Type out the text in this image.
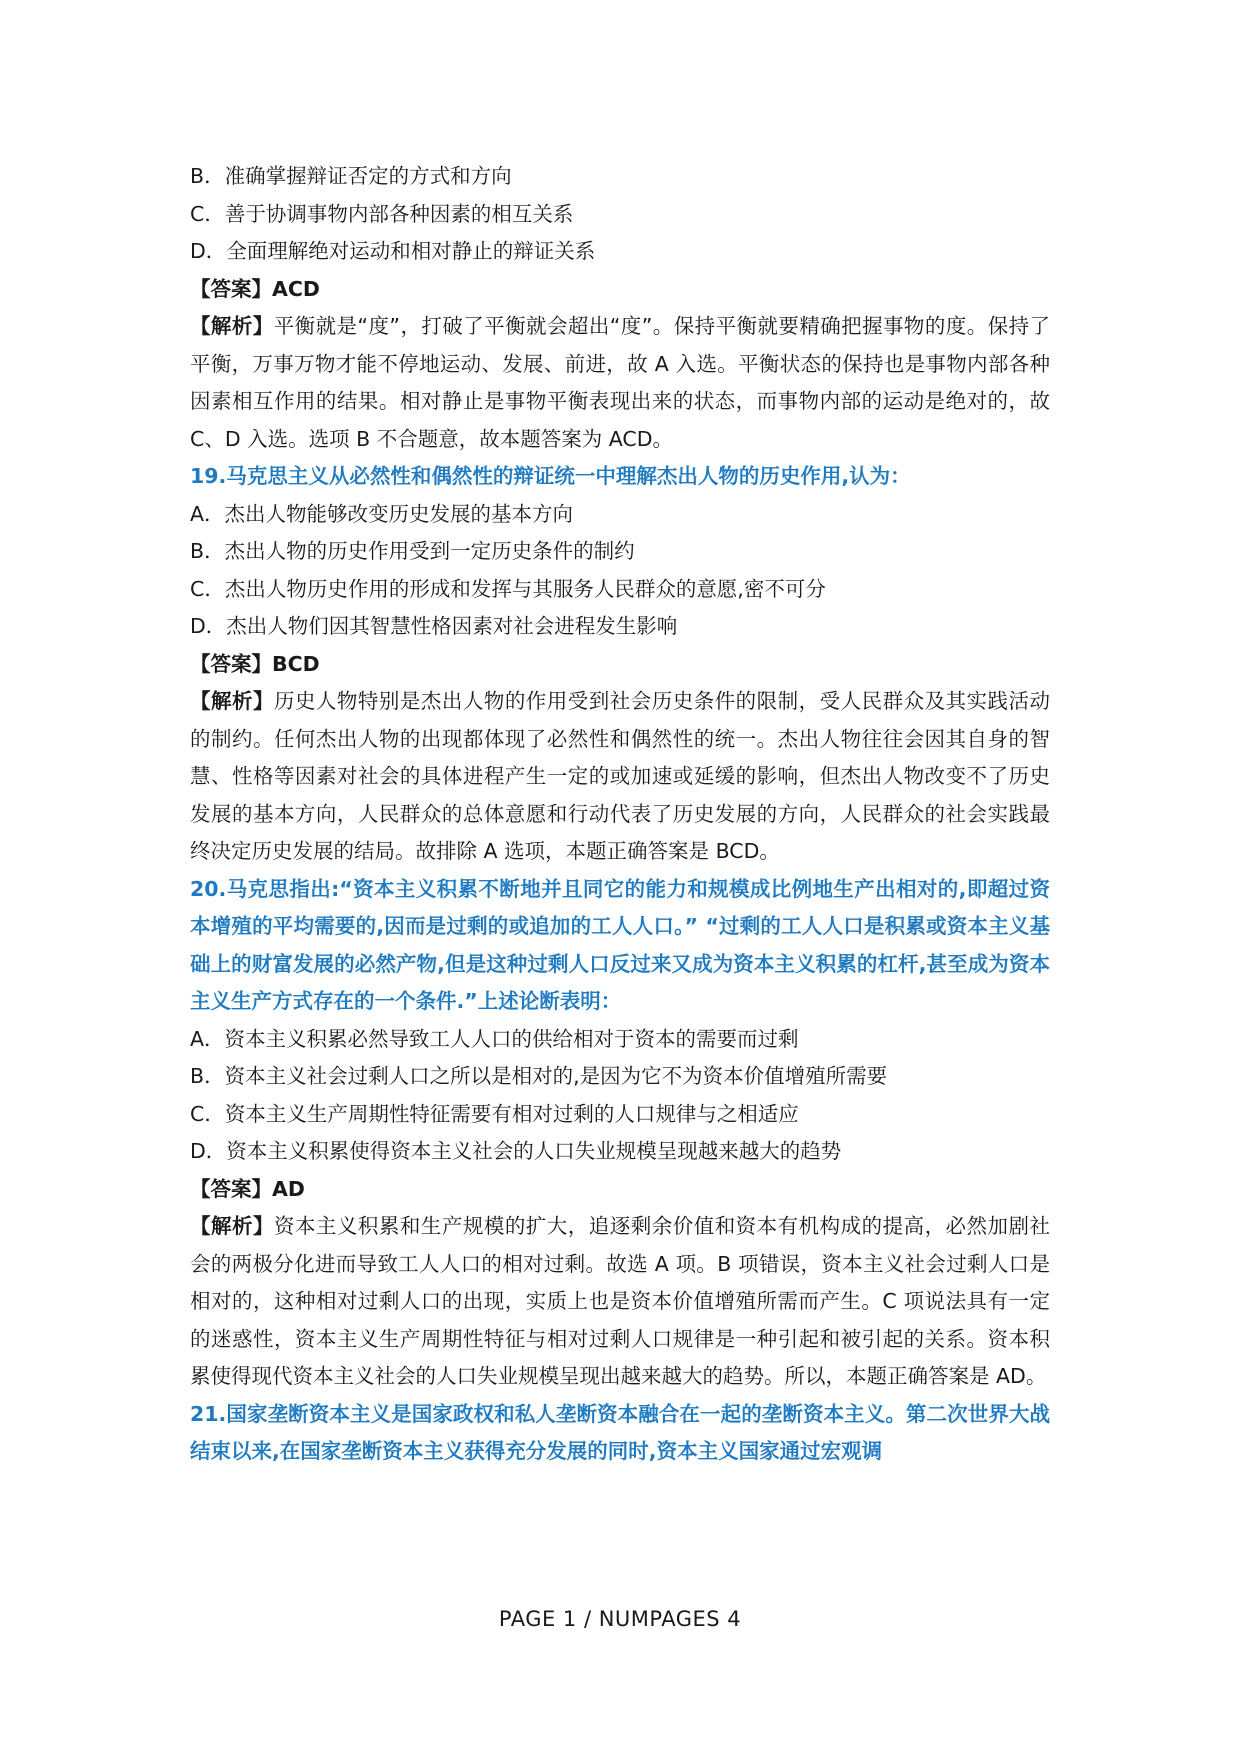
B．准确掌握辩证否定的方式和方向

C．善于协调事物内部各种因素的相互关系

D．全面理解绝对运动和相对静止的辩证关系

【答案】ACD

【解析】平衡就是“度”，打破了平衡就会超出“度”。保持平衡就要精确把握事物的度。保持了平衡，万事万物才能不停地运动、发展、前进，故 A 入选。平衡状态的保持也是事物内部各种因素相互作用的结果。相对静止是事物平衡表现出来的状态，而事物内部的运动是绝对的，故 C、D 入选。选项 B 不合题意，故本题答案为 ACD。

19.马克思主义从必然性和偶然性的辩证统一中理解杰出人物的历史作用,认为：

A．杰出人物能够改变历史发展的基本方向

B．杰出人物的历史作用受到一定历史条件的制约

C．杰出人物历史作用的形成和发挥与其服务人民群众的意愿,密不可分

D．杰出人物们因其智慧性格因素对社会进程发生影响

【答案】BCD

【解析】历史人物特别是杰出人物的作用受到社会历史条件的限制，受人民群众及其实践活动的制约。任何杰出人物的出现都体现了必然性和偶然性的统一。杰出人物往往会因其自身的智慧、性格等因素对社会的具体进程产生一定的或加速或延缓的影响，但杰出人物改变不了历史发展的基本方向，人民群众的总体意愿和行动代表了历史发展的方向，人民群众的社会实践最终决定历史发展的结局。故排除 A 选项，本题正确答案是 BCD。

20.马克思指出:“资本主义积累不断地并且同它的能力和规模成比例地生产出相对的,即超过资本增殖的平均需要的,因而是过剩的或追加的工人人口。” “过剩的工人人口是积累或资本主义基础上的财富发展的必然产物,但是这种过剩人口反过来又成为资本主义积累的杠杆,甚至成为资本主义生产方式存在的一个条件.”上述论断表明：

A．资本主义积累必然导致工人人口的供给相对于资本的需要而过剩

B．资本主义社会过剩人口之所以是相对的,是因为它不为资本价值增殖所需要

C．资本主义生产周期性特征需要有相对过剩的人口规律与之相适应

D．资本主义积累使得资本主义社会的人口失业规模呈现越来越大的趋势

【答案】AD

【解析】资本主义积累和生产规模的扩大，追逐剩余价值和资本有机构成的提高，必然加剧社会的两极分化进而导致工人人口的相对过剩。故选 A 项。B 项错误，资本主义社会过剩人口是相对的，这种相对过剩人口的出现，实质上也是资本价值增殖所需而产生。C 项说法具有一定的迷惑性，资本主义生产周期性特征与相对过剩人口规律是一种引起和被引起的关系。资本积累使得现代资本主义社会的人口失业规模呈现出越来越大的趋势。所以，本题正确答案是 AD。

21.国家垄断资本主义是国家政权和私人垄断资本融合在一起的垄断资本主义。第二次世界大战结束以来,在国家垄断资本主义获得充分发展的同时,资本主义国家通过宏观调

PAGE 1 / NUMPAGES 4
